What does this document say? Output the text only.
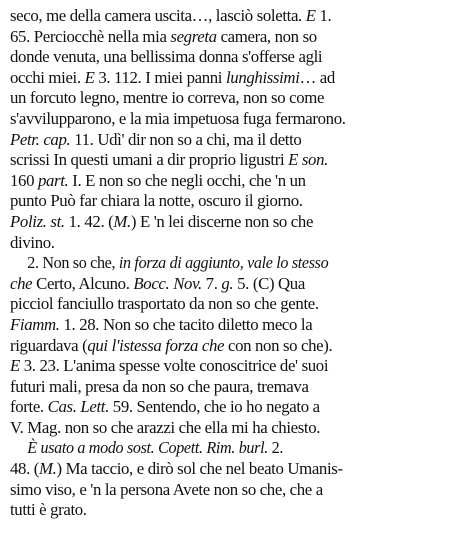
seco, me della camera uscita…, lasciò soletta. E 1.
65. Perciocchè nella mia segreta camera, non so
donde venuta, una bellissima donna s'offerse agli
occhi miei. E 3. 112. I miei panni lunghissimi… ad
un forcuto legno, mentre io correva, non so come
s'avvilupparono, e la mia impetuosa fuga fermarono.
Petr. cap. 11. Udì' dir non so a chi, ma il detto
scrissi In questi umani a dir proprio ligustri E son.
160 part. I. E non so che negli occhi, che 'n un
punto Può far chiara la notte, oscuro il giorno.
Poliz. st. 1. 42. (M.) E 'n lei discerne non so che
divino.
2. Non so che, in forza di aggiunto, vale lo stesso
che Certo, Alcuno. Bocc. Nov. 7. g. 5. (C) Qua
picciol fanciullo trasportato da non so che gente.
Fiamm. 1. 28. Non so che tacito diletto meco la
riguardava (qui l'istessa forza che con non so che).
E 3. 23. L'anima spesse volte conoscitrice de' suoi
futuri mali, presa da non so che paura, tremava
forte. Cas. Lett. 59. Sentendo, che io ho negato a
V. Mag. non so che arazzi che ella mi ha chiesto.
È usato a modo sost. Copett. Rim. burl. 2.
48. (M.) Ma taccio, e dirò sol che nel beato Umanis-
simo viso, e 'n la persona Avete non so che, che a
tutti è grato.
